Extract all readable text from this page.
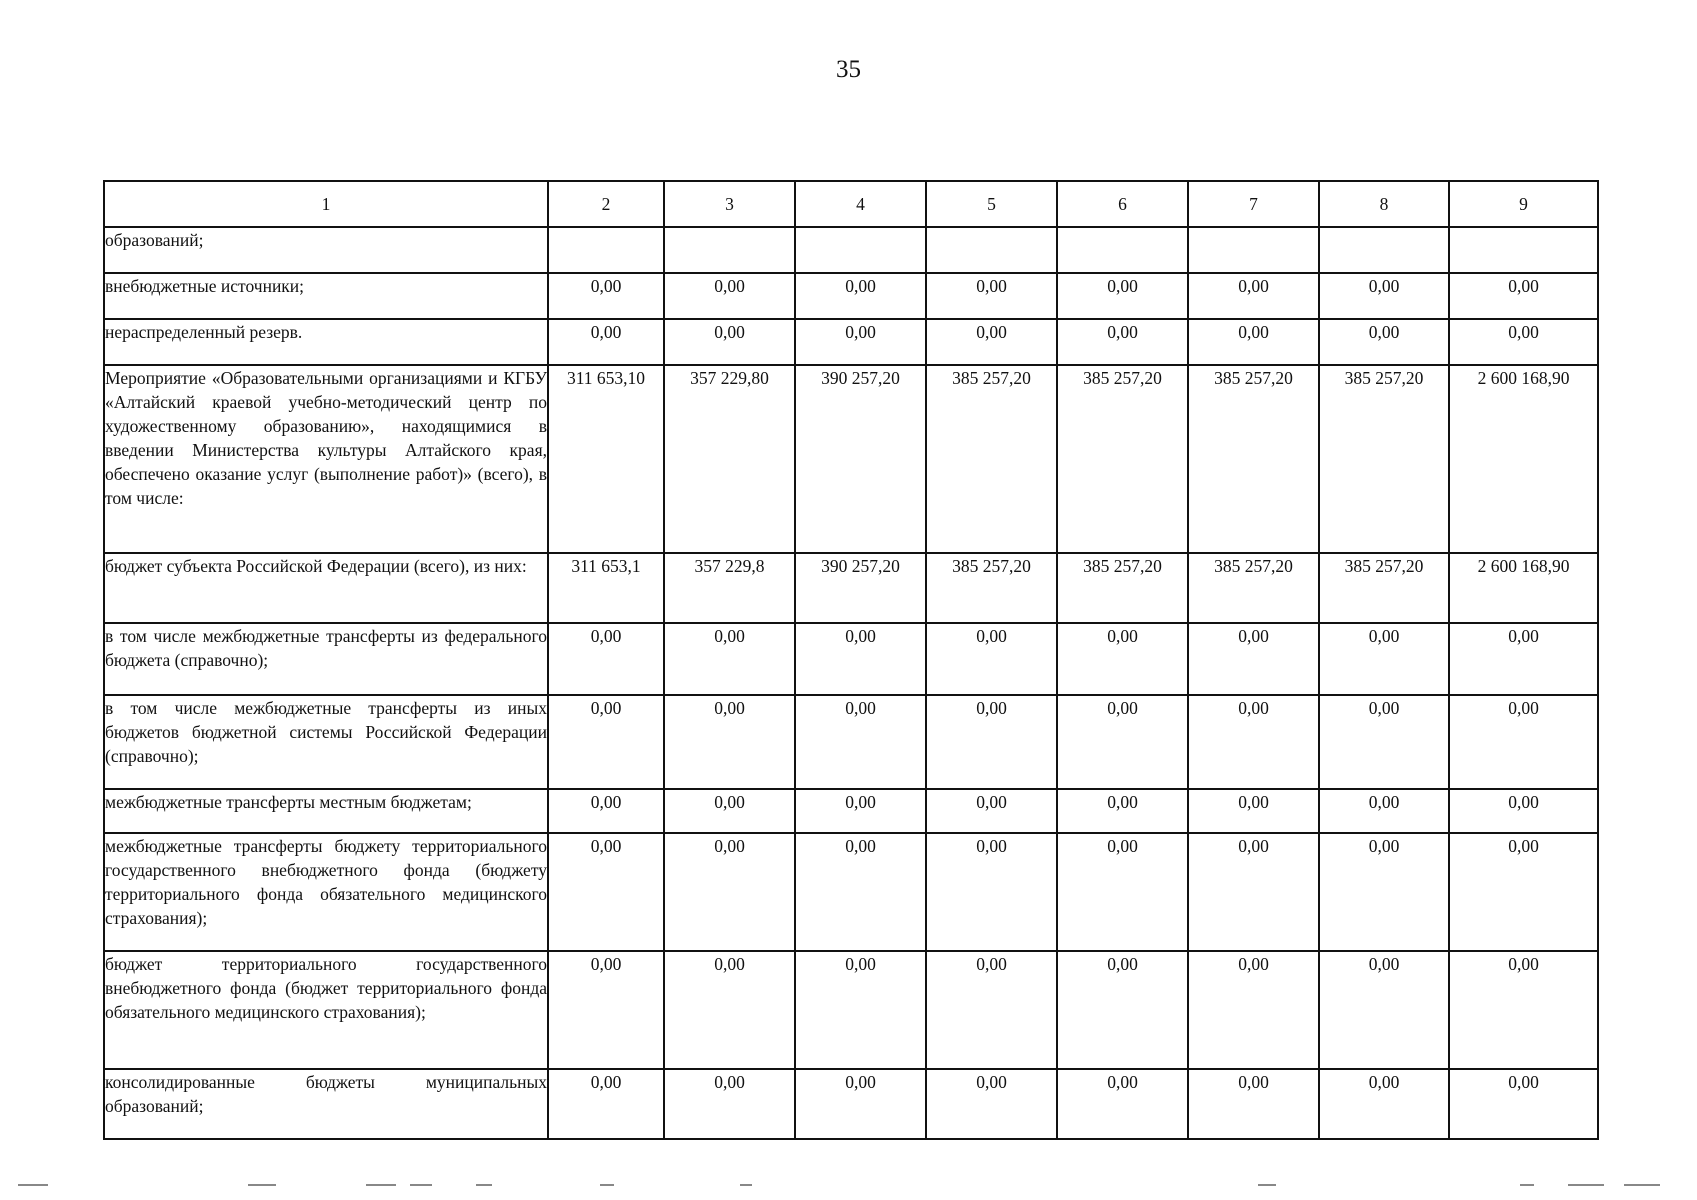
35
1	2	3	4	5	6	7	8	9
образований;								
внебюджетные источники;	0,00	0,00	0,00	0,00	0,00	0,00	0,00	0,00
нераспределенный резерв.	0,00	0,00	0,00	0,00	0,00	0,00	0,00	0,00
Мероприятие «Образовательными организациями и КГБУ «Алтайский краевой учебно-методический центр по художественному образованию», находящимися в введении Министерства культуры Алтайского края, обеспечено оказание услуг (выполнение работ)» (всего), в том числе:	311 653,10	357 229,80	390 257,20	385 257,20	385 257,20	385 257,20	385 257,20	2 600 168,90
бюджет субъекта Российской Федерации (всего), из них:	311 653,1	357 229,8	390 257,20	385 257,20	385 257,20	385 257,20	385 257,20	2 600 168,90
в том числе межбюджетные трансферты из федерального бюджета (справочно);	0,00	0,00	0,00	0,00	0,00	0,00	0,00	0,00
в том числе межбюджетные трансферты из иных бюджетов бюджетной системы Российской Федерации (справочно);	0,00	0,00	0,00	0,00	0,00	0,00	0,00	0,00
межбюджетные трансферты местным бюджетам;	0,00	0,00	0,00	0,00	0,00	0,00	0,00	0,00
межбюджетные трансферты бюджету территориального государственного внебюджетного фонда (бюджету территориального фонда обязательного медицинского страхования);	0,00	0,00	0,00	0,00	0,00	0,00	0,00	0,00
бюджет территориального государственного внебюджетного фонда (бюджет территориального фонда обязательного медицинского страхования);	0,00	0,00	0,00	0,00	0,00	0,00	0,00	0,00
консолидированные бюджеты муниципальных образований;	0,00	0,00	0,00	0,00	0,00	0,00	0,00	0,00
